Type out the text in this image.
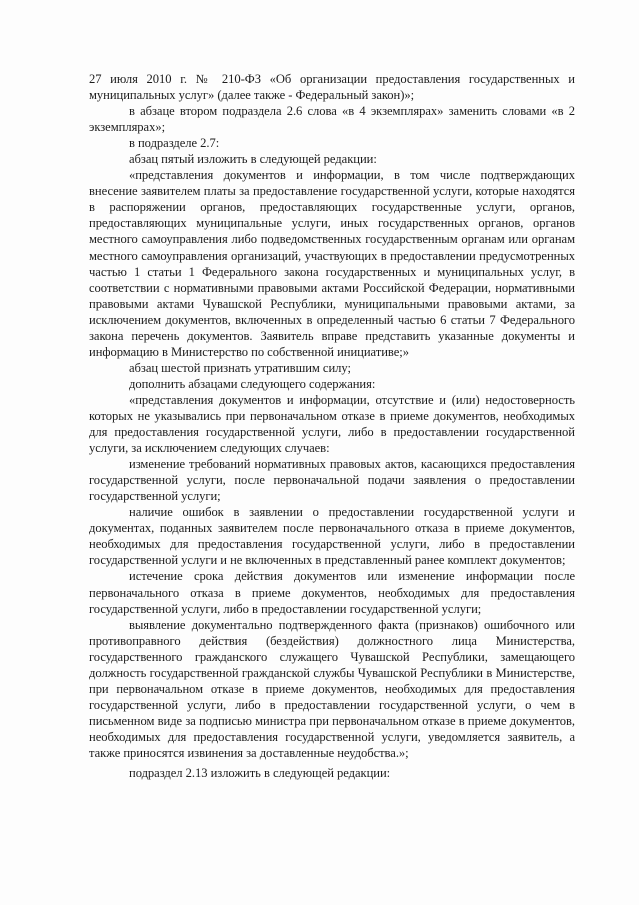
27 июля 2010 г. № 210-ФЗ «Об организации предоставления государственных и муниципальных услуг» (далее также - Федеральный закон)»;

в абзаце втором подраздела 2.6 слова «в 4 экземплярах» заменить словами «в 2 экземплярах»;

в подразделе 2.7:

абзац пятый изложить в следующей редакции:

«представления документов и информации, в том числе подтверждающих внесение заявителем платы за предоставление государственной услуги, которые находятся в распоряжении органов, предоставляющих государственные услуги, органов, предоставляющих муниципальные услуги, иных государственных органов, органов местного самоуправления либо подведомственных государственным органам или органам местного самоуправления организаций, участвующих в предоставлении предусмотренных частью 1 статьи 1 Федерального закона государственных и муниципальных услуг, в соответствии с нормативными правовыми актами Российской Федерации, нормативными правовыми актами Чувашской Республики, муниципальными правовыми актами, за исключением документов, включенных в определенный частью 6 статьи 7 Федерального закона перечень документов. Заявитель вправе представить указанные документы и информацию в Министерство по собственной инициативе;»

абзац шестой признать утратившим силу;

дополнить абзацами следующего содержания:

«представления документов и информации, отсутствие и (или) недостоверность которых не указывались при первоначальном отказе в приеме документов, необходимых для предоставления государственной услуги, либо в предоставлении государственной услуги, за исключением следующих случаев:

изменение требований нормативных правовых актов, касающихся предоставления государственной услуги, после первоначальной подачи заявления о предоставлении государственной услуги;

наличие ошибок в заявлении о предоставлении государственной услуги и документах, поданных заявителем после первоначального отказа в приеме документов, необходимых для предоставления государственной услуги, либо в предоставлении государственной услуги и не включенных в представленный ранее комплект документов;

истечение срока действия документов или изменение информации после первоначального отказа в приеме документов, необходимых для предоставления государственной услуги, либо в предоставлении государственной услуги;

выявление документально подтвержденного факта (признаков) ошибочного или противоправного действия (бездействия) должностного лица Министерства, государственного гражданского служащего Чувашской Республики, замещающего должность государственной гражданской службы Чувашской Республики в Министерстве, при первоначальном отказе в приеме документов, необходимых для предоставления государственной услуги, либо в предоставлении государственной услуги, о чем в письменном виде за подписью министра при первоначальном отказе в приеме документов, необходимых для предоставления государственной услуги, уведомляется заявитель, а также приносятся извинения за доставленные неудобства.»;

подраздел 2.13 изложить в следующей редакции:
